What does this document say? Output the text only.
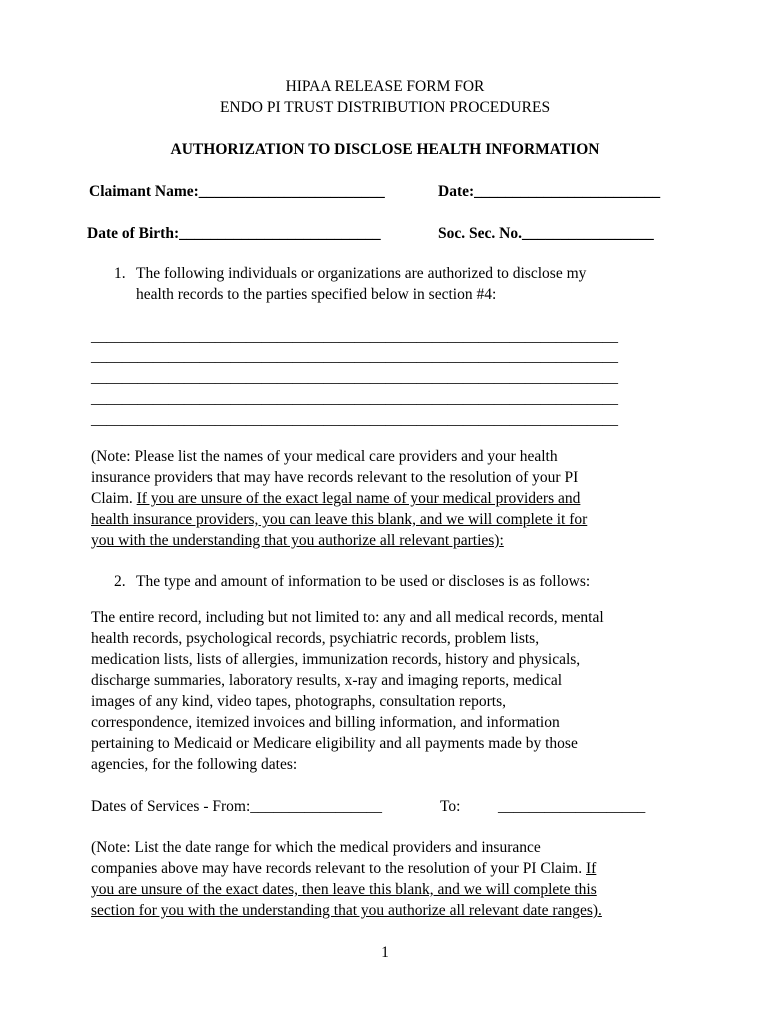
HIPAA RELEASE FORM FOR
ENDO PI TRUST DISTRIBUTION PROCEDURES
AUTHORIZATION TO DISCLOSE HEALTH INFORMATION
Claimant Name:________________________	Date:________________________
Date of Birth:__________________________	Soc. Sec. No._________________
1. The following individuals or organizations are authorized to disclose my
health records to the parties specified below in section #4:
____________________________________________________________________
____________________________________________________________________
____________________________________________________________________
____________________________________________________________________
____________________________________________________________________
(Note: Please list the names of your medical care providers and your health
insurance providers that may have records relevant to the resolution of your PI
Claim. If you are unsure of the exact legal name of your medical providers and
health insurance providers, you can leave this blank, and we will complete it for
you with the understanding that you authorize all relevant parties):
2. The type and amount of information to be used or discloses is as follows:
The entire record, including but not limited to: any and all medical records, mental
health records, psychological records, psychiatric records, problem lists,
medication lists, lists of allergies, immunization records, history and physicals,
discharge summaries, laboratory results, x-ray and imaging reports, medical
images of any kind, video tapes, photographs, consultation reports,
correspondence, itemized invoices and billing information, and information
pertaining to Medicaid or Medicare eligibility and all payments made by those
agencies, for the following dates:
Dates of Services - From:_________________	To: ___________________
(Note: List the date range for which the medical providers and insurance
companies above may have records relevant to the resolution of your PI Claim. If
you are unsure of the exact dates, then leave this blank, and we will complete this
section for you with the understanding that you authorize all relevant date ranges).
1
